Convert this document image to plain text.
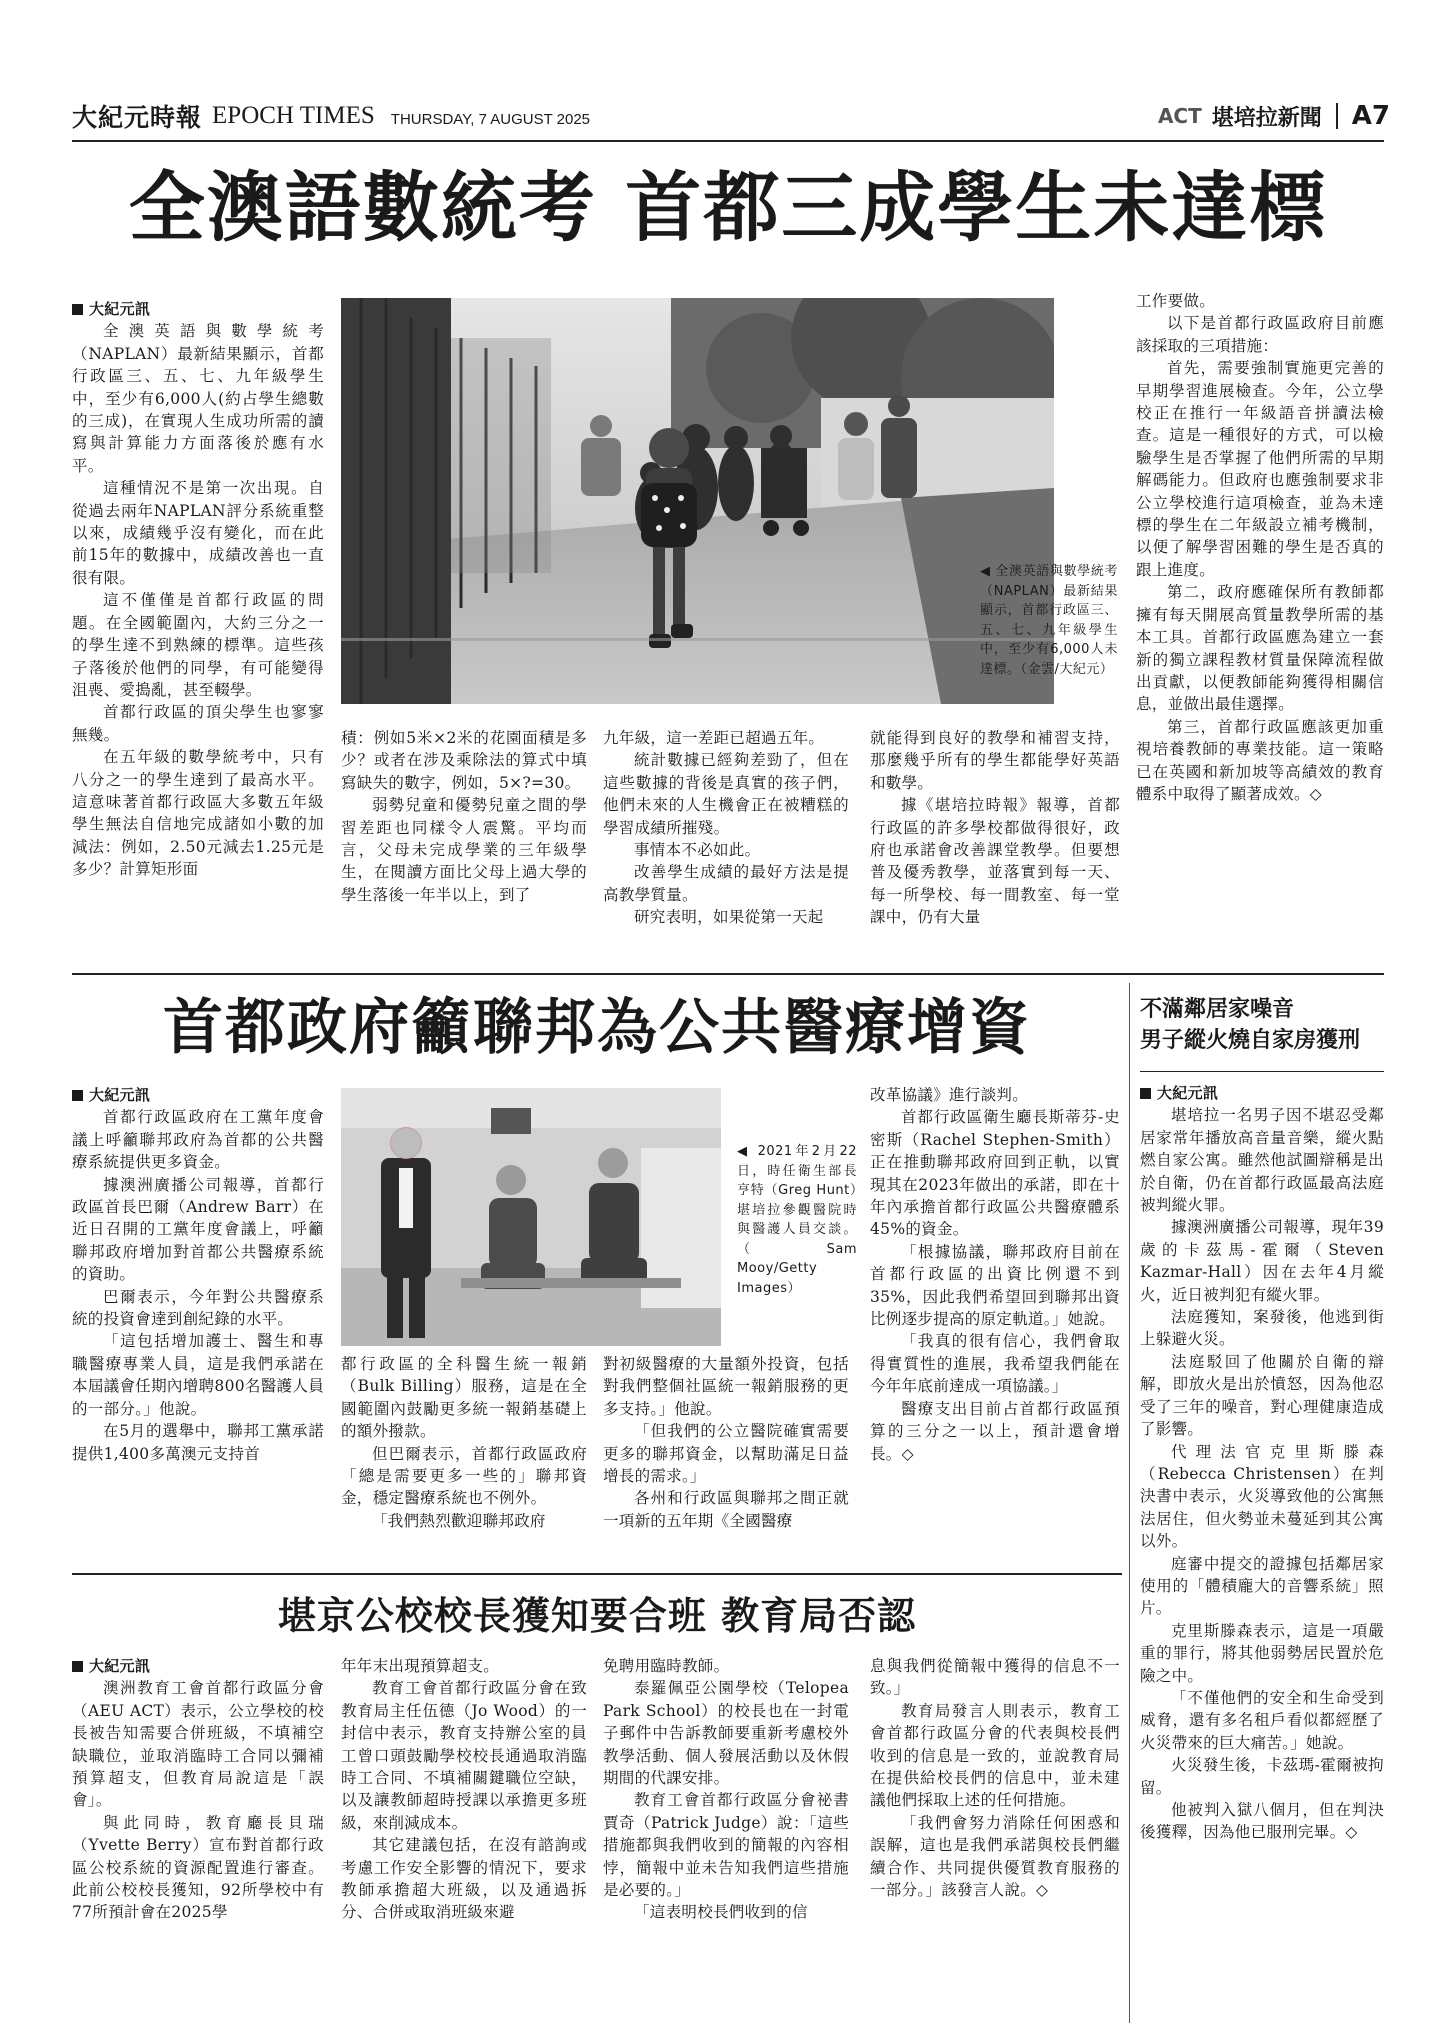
大紀元時報 EPOCH TIMES THURSDAY, 7 AUGUST 2025	ACT 堪培拉新聞 A7
全澳語數統考 首都三成學生未達標
◀ 全澳英語與數學統考（NAPLAN）最新結果顯示，首都行政區三、五、七、九年級學生中，至少有6,000人未達標。（金雲/大紀元）

大紀元訊

全澳英語與數學統考（NAPLAN）最新結果顯示，首都行政區三、五、七、九年級學生中，至少有6,000人(約占學生總數的三成)，在實現人生成功所需的讀寫與計算能力方面落後於應有水平。

這種情況不是第一次出現。自從過去兩年NAPLAN評分系統重整以來，成績幾乎沒有變化，而在此前15年的數據中，成績改善也一直很有限。

這不僅僅是首都行政區的問題。在全國範圍內，大約三分之一的學生達不到熟練的標準。這些孩子落後於他們的同學，有可能變得沮喪、愛搗亂，甚至輟學。

首都行政區的頂尖學生也寥寥無幾。

在五年級的數學統考中，只有八分之一的學生達到了最高水平。這意味著首都行政區大多數五年級學生無法自信地完成諸如小數的加減法：例如，2.50元減去1.25元是多少？計算矩形面

積：例如5米×2米的花園面積是多少？或者在涉及乘除法的算式中填寫缺失的數字，例如，5×?=30。

弱勢兒童和優勢兒童之間的學習差距也同樣令人震驚。平均而言，父母未完成學業的三年級學生，在閱讀方面比父母上過大學的學生落後一年半以上，到了

九年級，這一差距已超過五年。

統計數據已經夠差勁了，但在這些數據的背後是真實的孩子們，他們未來的人生機會正在被糟糕的學習成績所摧殘。

事情本不必如此。

改善學生成績的最好方法是提高教學質量。

研究表明，如果從第一天起

就能得到良好的教學和補習支持，那麼幾乎所有的學生都能學好英語和數學。

據《堪培拉時報》報導，首都行政區的許多學校都做得很好，政府也承諾會改善課堂教學。但要想普及優秀教學，並落實到每一天、每一所學校、每一間教室、每一堂課中，仍有大量

工作要做。

以下是首都行政區政府目前應該採取的三項措施：

首先，需要強制實施更完善的早期學習進展檢查。今年，公立學校正在推行一年級語音拼讀法檢查。這是一種很好的方式，可以檢驗學生是否掌握了他們所需的早期解碼能力。但政府也應強制要求非公立學校進行這項檢查，並為未達標的學生在二年級設立補考機制，以便了解學習困難的學生是否真的跟上進度。

第二，政府應確保所有教師都擁有每天開展高質量教學所需的基本工具。首都行政區應為建立一套新的獨立課程教材質量保障流程做出貢獻，以便教師能夠獲得相關信息，並做出最佳選擇。

第三，首都行政區應該更加重視培養教師的專業技能。這一策略已在英國和新加坡等高績效的教育體系中取得了顯著成效。◇

首都政府籲聯邦為公共醫療增資
◀ 2021年2月22日，時任衛生部長亨特（Greg Hunt）堪培拉參觀醫院時與醫護人員交談。（Sam Mooy/Getty Images）

大紀元訊

首都行政區政府在工黨年度會議上呼籲聯邦政府為首都的公共醫療系統提供更多資金。

據澳洲廣播公司報導，首都行政區首長巴爾（Andrew Barr）在近日召開的工黨年度會議上，呼籲聯邦政府增加對首都公共醫療系統的資助。

巴爾表示，今年對公共醫療系統的投資會達到創紀錄的水平。

「這包括增加護士、醫生和專職醫療專業人員，這是我們承諾在本屆議會任期內增聘800名醫護人員的一部分。」他說。

在5月的選舉中，聯邦工黨承諾提供1,400多萬澳元支持首

都行政區的全科醫生統一報銷（Bulk Billing）服務，這是在全國範圍內鼓勵更多統一報銷基礎上的額外撥款。

但巴爾表示，首都行政區政府「總是需要更多一些的」聯邦資金，穩定醫療系統也不例外。

「我們熱烈歡迎聯邦政府

對初級醫療的大量額外投資，包括對我們整個社區統一報銷服務的更多支持。」他說。

「但我們的公立醫院確實需要更多的聯邦資金，以幫助滿足日益增長的需求。」

各州和行政區與聯邦之間正就一項新的五年期《全國醫療

改革協議》進行談判。

首都行政區衛生廳長斯蒂芬-史密斯（Rachel Stephen-Smith）正在推動聯邦政府回到正軌，以實現其在2023年做出的承諾，即在十年內承擔首都行政區公共醫療體系45%的資金。

「根據協議，聯邦政府目前在首都行政區的出資比例還不到35%，因此我們希望回到聯邦出資比例逐步提高的原定軌道。」她說。

「我真的很有信心，我們會取得實質性的進展，我希望我們能在今年年底前達成一項協議。」

醫療支出目前占首都行政區預算的三分之一以上，預計還會增長。◇

不滿鄰居家噪音
男子縱火燒自家房獲刑

大紀元訊

堪培拉一名男子因不堪忍受鄰居家常年播放高音量音樂，縱火點燃自家公寓。雖然他試圖辯稱是出於自衛，仍在首都行政區最高法庭被判縱火罪。

據澳洲廣播公司報導，現年39歲的卡茲馬-霍爾（Steven Kazmar-Hall）因在去年4月縱火，近日被判犯有縱火罪。

法庭獲知，案發後，他逃到街上躲避火災。

法庭駁回了他關於自衛的辯解，即放火是出於憤怒，因為他忍受了三年的噪音，對心理健康造成了影響。

代理法官克里斯滕森（Rebecca Christensen）在判決書中表示，火災導致他的公寓無法居住，但火勢並未蔓延到其公寓以外。

庭審中提交的證據包括鄰居家使用的「體積龐大的音響系統」照片。

克里斯滕森表示，這是一項嚴重的罪行，將其他弱勢居民置於危險之中。

「不僅他們的安全和生命受到威脅，還有多名租戶看似都經歷了火災帶來的巨大痛苦。」她說。

火災發生後，卡茲瑪-霍爾被拘留。

他被判入獄八個月，但在判決後獲釋，因為他已服刑完畢。◇

堪京公校校長獲知要合班 教育局否認

大紀元訊

澳洲教育工會首都行政區分會（AEU ACT）表示，公立學校的校長被告知需要合併班級，不填補空缺職位，並取消臨時工合同以彌補預算超支，但教育局說這是「誤會」。

與此同時，教育廳長貝瑞（Yvette Berry）宣布對首都行政區公校系統的資源配置進行審查。此前公校校長獲知，92所學校中有77所預計會在2025學

年年末出現預算超支。

教育工會首都行政區分會在致教育局主任伍德（Jo Wood）的一封信中表示，教育支持辦公室的員工曾口頭鼓勵學校校長通過取消臨時工合同、不填補關鍵職位空缺，以及讓教師超時授課以承擔更多班級，來削減成本。

其它建議包括，在沒有諮詢或考慮工作安全影響的情況下，要求教師承擔超大班級，以及通過拆分、合併或取消班級來避

免聘用臨時教師。

泰羅佩亞公園學校（Telopea Park School）的校長也在一封電子郵件中告訴教師要重新考慮校外教學活動、個人發展活動以及休假期間的代課安排。

教育工會首都行政區分會祕書賈奇（Patrick Judge）說：「這些措施都與我們收到的簡報的內容相悖，簡報中並未告知我們這些措施是必要的。」

「這表明校長們收到的信

息與我們從簡報中獲得的信息不一致。」

教育局發言人則表示，教育工會首都行政區分會的代表與校長們收到的信息是一致的，並說教育局在提供給校長們的信息中，並未建議他們採取上述的任何措施。

「我們會努力消除任何困惑和誤解，這也是我們承諾與校長們繼續合作、共同提供優質教育服務的一部分。」該發言人說。◇
